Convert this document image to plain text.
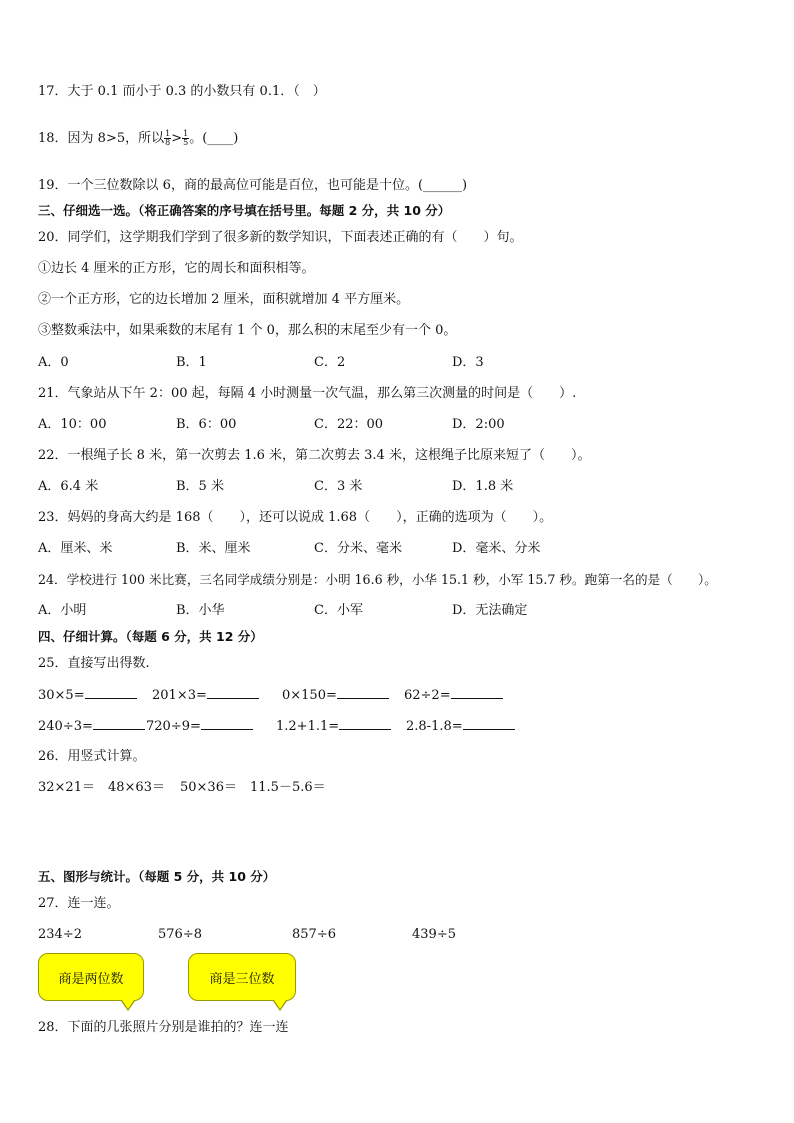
17．大于 0.1 而小于 0.3 的小数只有 0.1．（　）
18．因为 8>5，所以 $\frac{1}{8} > \frac{1}{5}$ 。(____)
19．一个三位数除以 6，商的最高位可能是百位，也可能是十位。(______)
三、仔细选一选。（将正确答案的序号填在括号里。每题 2 分，共 10 分）
20．同学们，这学期我们学到了很多新的数学知识，下面表述正确的有（　　）句。
①边长 4 厘米的正方形，它的周长和面积相等。
②一个正方形，它的边长增加 2 厘米，面积就增加 4 平方厘米。
③整数乘法中，如果乘数的末尾有 1 个 0，那么积的末尾至少有一个 0。
A．0	B．1	C．2	D．3
21．气象站从下午 2：00 起，每隔 4 小时测量一次气温，那么第三次测量的时间是（　　）.
A．10：00	B．6：00	C．22：00	D．2:00
22．一根绳子长 8 米，第一次剪去 1.6 米，第二次剪去 3.4 米，这根绳子比原来短了（　　）。
A．6.4 米	B．5 米	C．3 米	D．1.8 米
23．妈妈的身高大约是 168（　　），还可以说成 1.68（　　），正确的选项为（　　）。
A．厘米、米	B．米、厘米	C．分米、毫米	D．毫米、分米
24．学校进行 100 米比赛，三名同学成绩分别是：小明 16.6 秒，小华 15.1 秒，小军 15.7 秒。跑第一名的是（　　）。
A．小明	B．小华	C．小军	D．无法确定
四、仔细计算。（每题 6 分，共 12 分）
25．直接写出得数.
30×5=	201×3=	0×150=	62÷2=
240÷3=	720÷9=	1.2+1.1=	2.8-1.8=
26．用竖式计算。
32×21＝ 48×63＝ 50×36＝ 11.5－5.6＝
五、图形与统计。（每题 5 分，共 10 分）
27．连一连。
234÷2	576÷8	857÷6	439÷5
商是两位数	商是三位数
28．下面的几张照片分别是谁拍的？连一连
